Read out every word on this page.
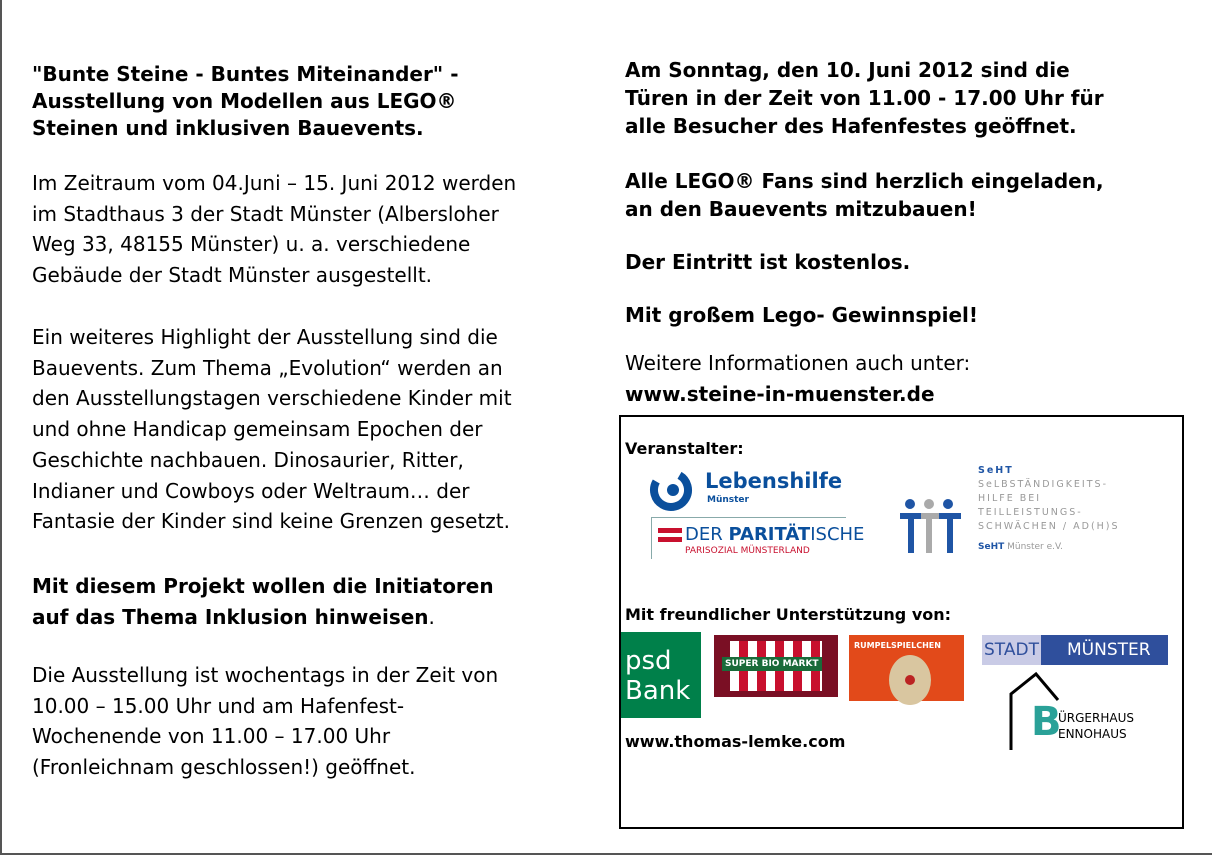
"Bunte Steine - Buntes Miteinander" -
Ausstellung von Modellen aus LEGO®
Steinen und inklusiven Bauevents.
Im Zeitraum vom 04.Juni – 15. Juni 2012 werden
im Stadthaus 3 der Stadt Münster (Albersloher
Weg 33, 48155 Münster) u. a. verschiedene
Gebäude der Stadt Münster ausgestellt.
Ein weiteres Highlight der Ausstellung sind die
Bauevents. Zum Thema „Evolution“ werden an
den Ausstellungstagen verschiedene Kinder mit
und ohne Handicap gemeinsam Epochen der
Geschichte nachbauen. Dinosaurier, Ritter,
Indianer und Cowboys oder Weltraum… der
Fantasie der Kinder sind keine Grenzen gesetzt.
Mit diesem Projekt wollen die Initiatoren
auf das Thema Inklusion hinweisen.
Die Ausstellung ist wochentags in der Zeit von
10.00 – 15.00 Uhr und am Hafenfest-
Wochenende von 11.00 – 17.00 Uhr
(Fronleichnam geschlossen!) geöffnet.
Am Sonntag, den 10. Juni 2012 sind die
Türen in der Zeit von 11.00 - 17.00 Uhr für
alle Besucher des Hafenfestes geöffnet.
Alle LEGO® Fans sind herzlich eingeladen,
an den Bauevents mitzubauen!
Der Eintritt ist kostenlos.
Mit großem Lego- Gewinnspiel!
Weitere Informationen auch unter:
www.steine-in-muenster.de
Veranstalter:
Lebenshilfe
Münster
DER PARITÄTISCHE
PARISOZIAL MÜNSTERLAND
SeHT
SeLBSTÄNDIGKEITS-
HILFE BEI
TEILLEISTUNGS-
SCHWÄCHEN / AD(H)S
SeHT Münster e.V.
Mit freundlicher Unterstützung von:
psd
Bank
SUPER BIO MARKT
RUMPELSPIELCHEN	STADT	MÜNSTER
B
ÜRGERHAUS
ENNOHAUS
www.thomas-lemke.com
